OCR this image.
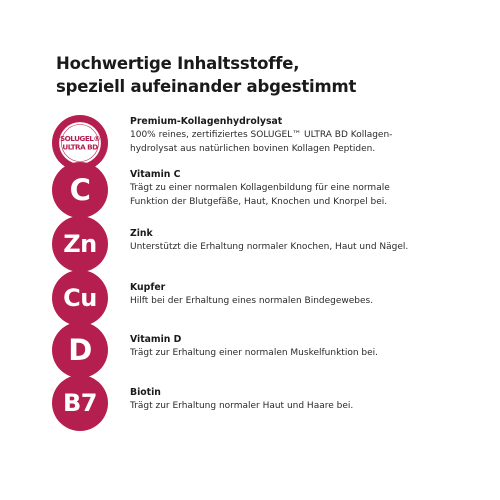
Hochwertige Inhaltsstoffe,
speziell aufeinander abgestimmt
SOLUGEL®
ULTRA BD
Premium-Kollagenhydrolysat
100% reines, zertifiziertes SOLUGEL™ ULTRA BD Kollagen-
hydrolysat aus natürlichen bovinen Kollagen Peptiden.
C	Vitamin C
Trägt zu einer normalen Kollagenbildung für eine normale
Funktion der Blutgefäße, Haut, Knochen und Knorpel bei.
Zn	Zink
Unterstützt die Erhaltung normaler Knochen, Haut und Nägel.
Cu	Kupfer
Hilft bei der Erhaltung eines normalen Bindegewebes.
D	Vitamin D
Trägt zur Erhaltung einer normalen Muskelfunktion bei.
B7	Biotin
Trägt zur Erhaltung normaler Haut und Haare bei.
